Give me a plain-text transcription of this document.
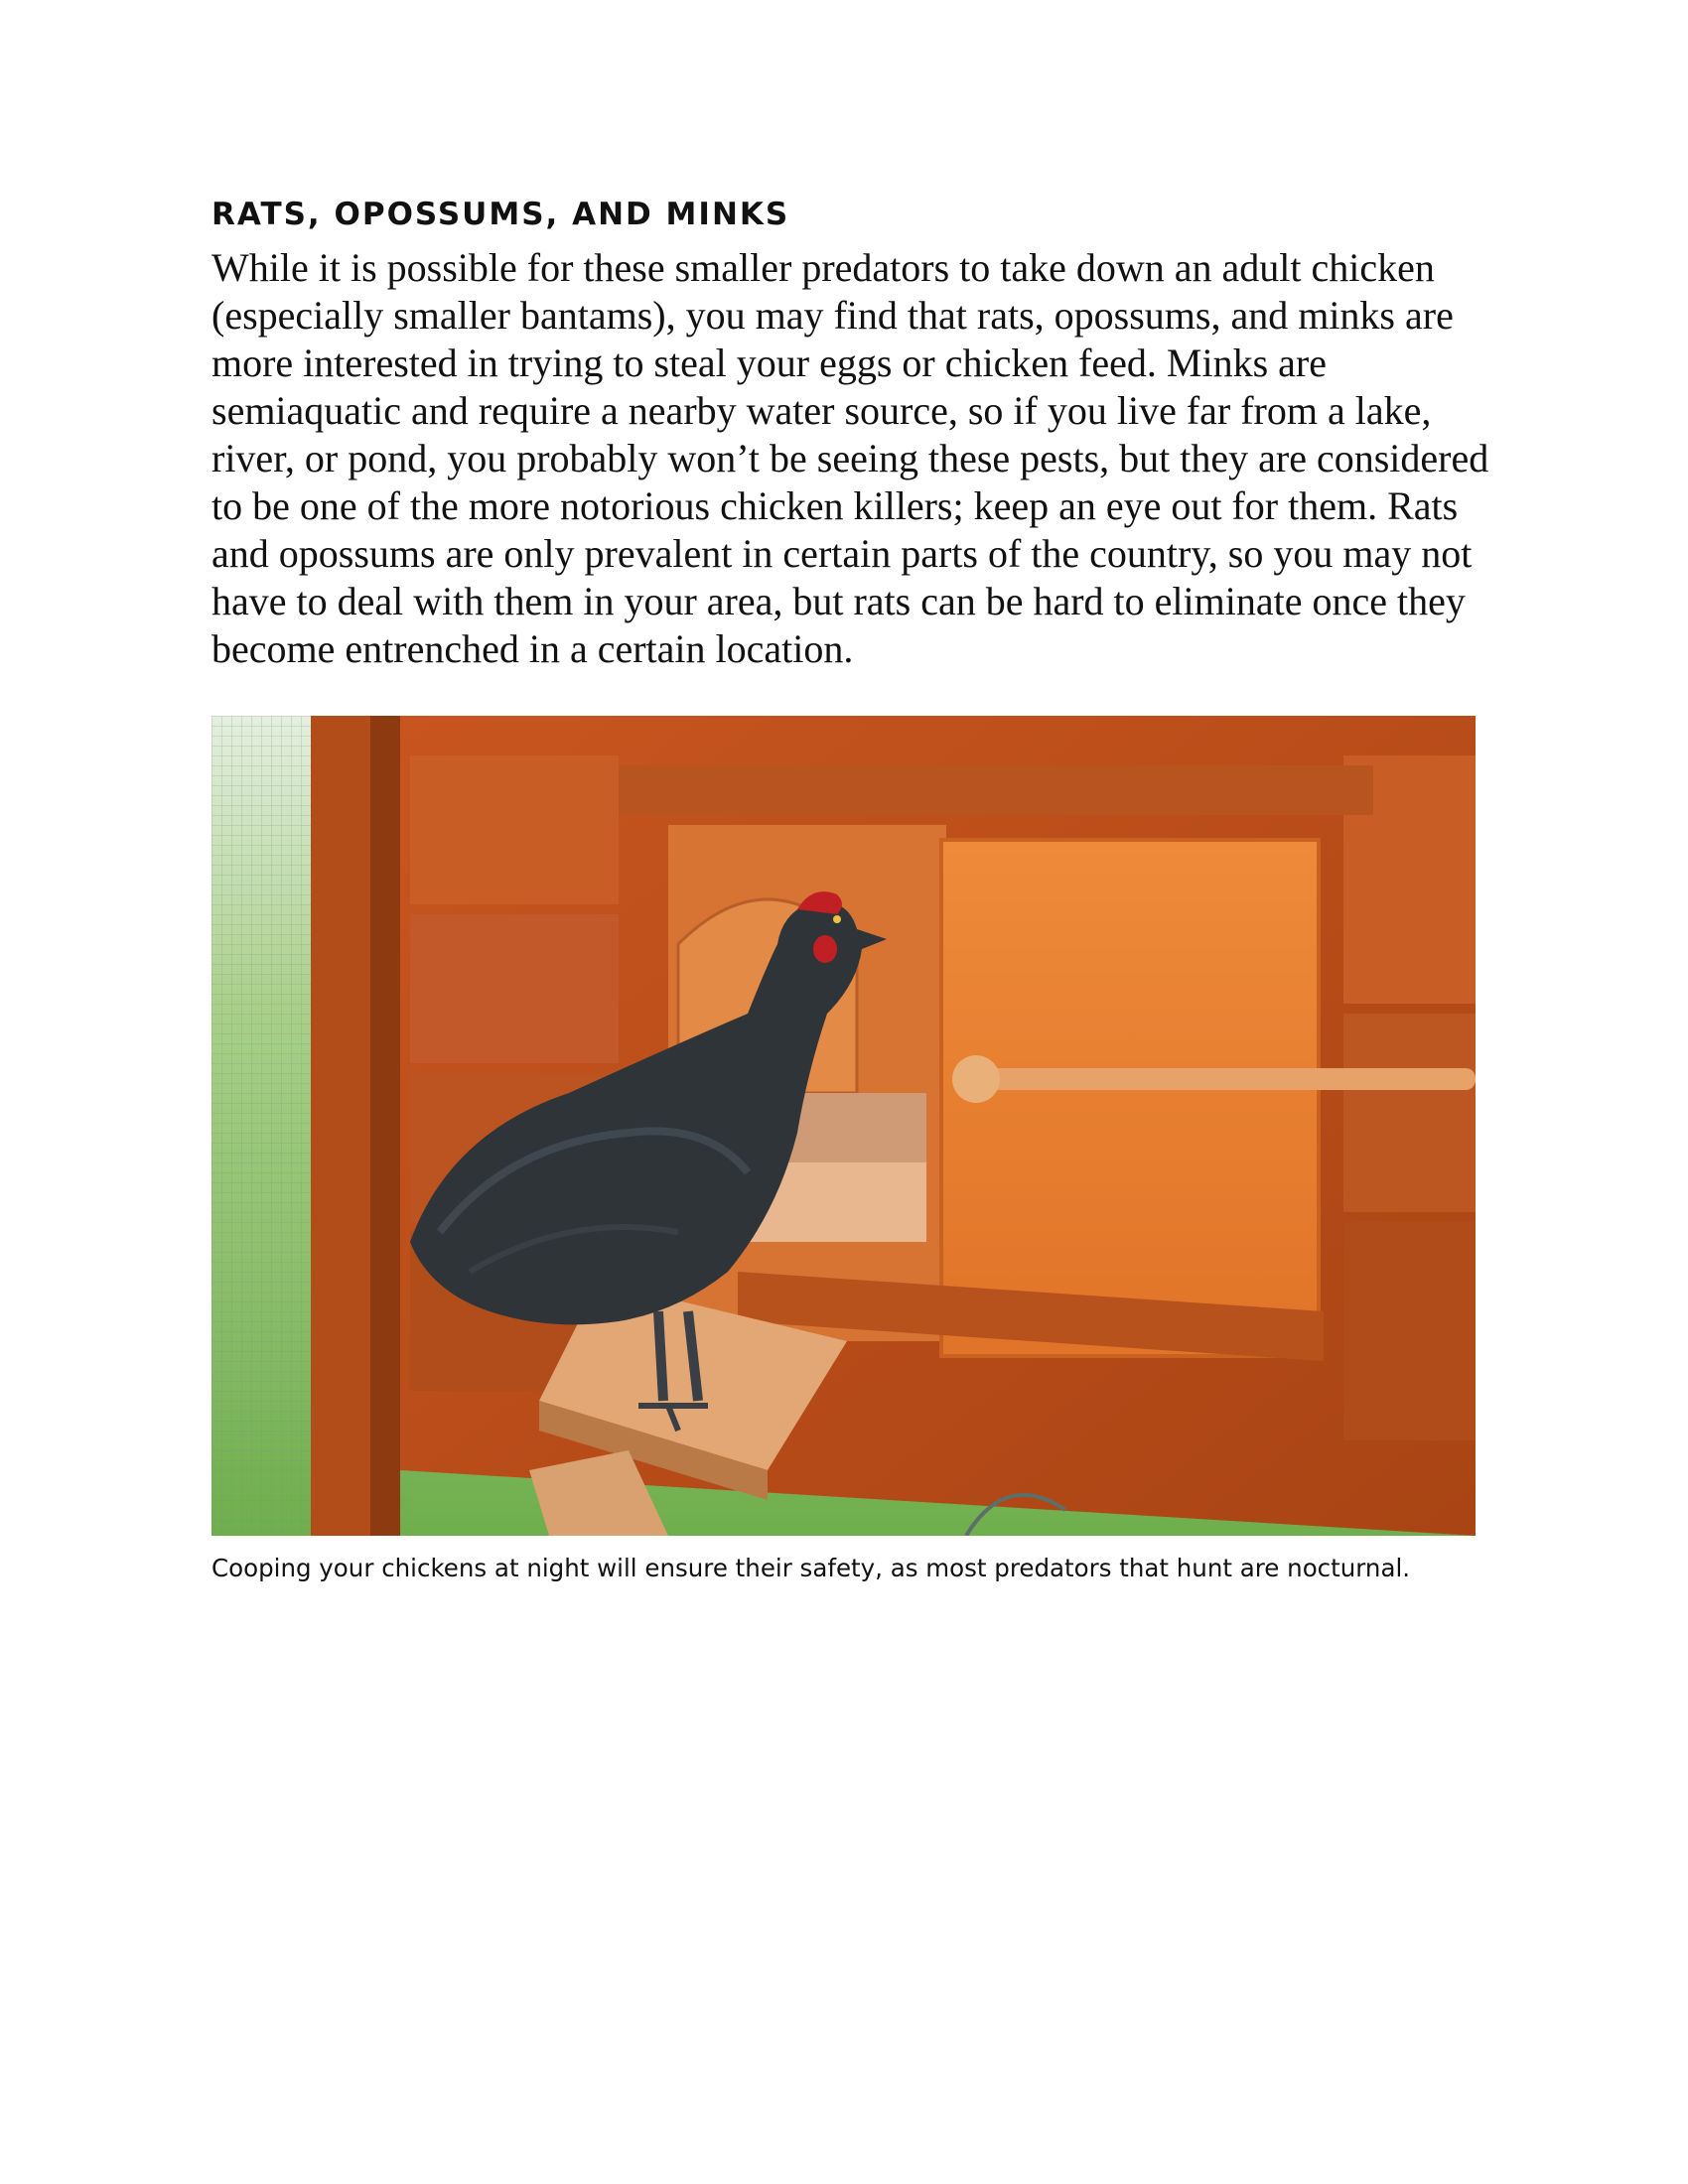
RATS, OPOSSUMS, AND MINKS

While it is possible for these smaller predators to take down an adult chicken (especially smaller bantams), you may find that rats, opossums, and minks are more interested in trying to steal your eggs or chicken feed. Minks are semiaquatic and require a nearby water source, so if you live far from a lake, river, or pond, you probably won’t be seeing these pests, but they are considered to be one of the more notorious chicken killers; keep an eye out for them. Rats and opossums are only prevalent in certain parts of the country, so you may not have to deal with them in your area, but rats can be hard to eliminate once they become entrenched in a certain location.

Cooping your chickens at night will ensure their safety, as most predators that hunt are nocturnal.
